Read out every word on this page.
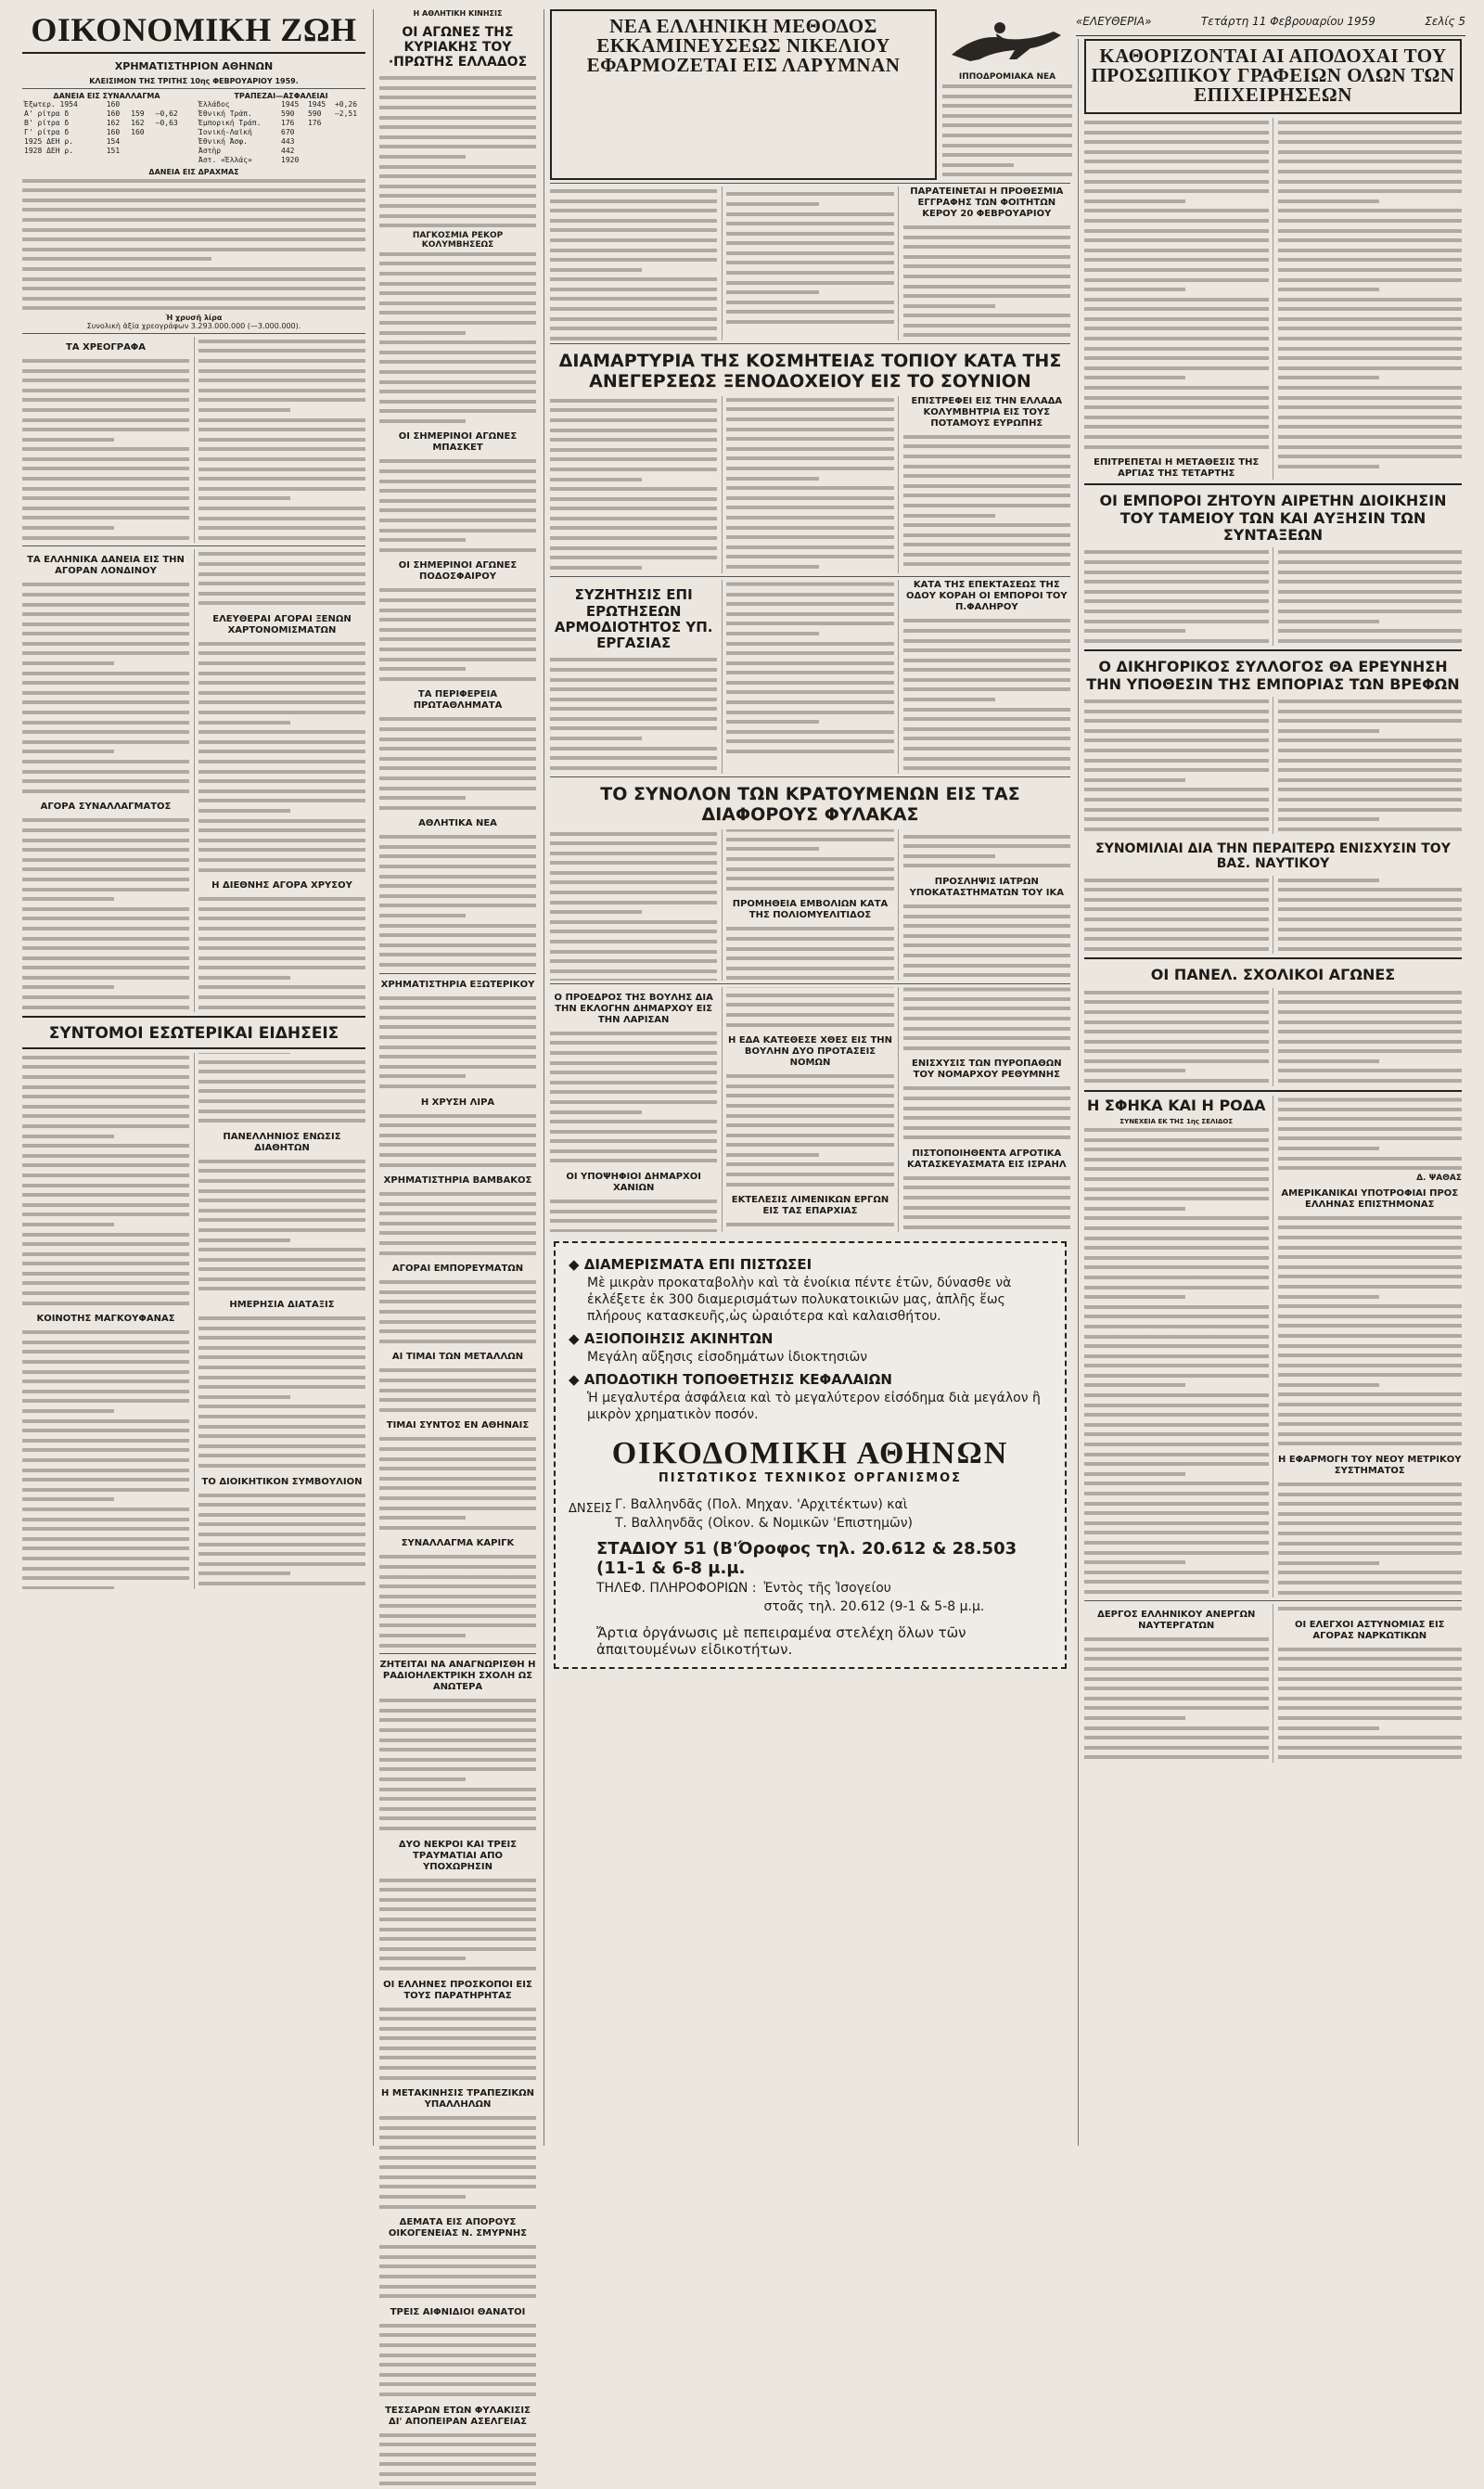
«ΕΛΕΥΘΕΡΙΑ»	Τετάρτη 11 Φεβρουαρίου 1959	Σελίς 5
ΟΙΚΟΝΟΜΙΚΗ ΖΩΗ
ΧΡΗΜΑΤΙΣΤΗΡΙΟΝ ΑΘΗΝΩΝ
ΚΛΕΙΣΙΜΟΝ ΤΗΣ ΤΡΙΤΗΣ 10ης ΦΕΒΡΟΥΑΡΙΟΥ 1959.
ΔΑΝΕΙΑ ΕΙΣ ΣΥΝΑΛΛΑΓΜΑ
Ἐξωτερ. 1954	160		
Α' ρίτρα δ	160	159	—0,62
Β' ρίτρα δ	162	162	—0,63
Γ' ρίτρα δ	160	160	
1925 ΔΕΗ ρ.	154		
1928 ΔΕΗ ρ.	151		
ΤΡΑΠΕΖΑΙ—ΑΣΦΑΛΕΙΑΙ
Ἑλλάδος	1945	1945	+0,26
Ἐθνική Τράπ.	590	590	—2,51
Ἐμπορική Τράπ.	176	176	
Ἰονική-Λαϊκή	670		
Ἐθνική Ἀσφ.	443		
Ἀστὴρ	442		
Ἀστ. «Ἑλλάς»	1920		
ΔΑΝΕΙΑ ΕΙΣ ΔΡΑΧΜΑΣ
Ἡ χρυσῆ λίρα
Συνολικὴ ἀξία χρεογράφων 3.293.000.000 (—3.000.000).
ΤΑ ΧΡΕΟΓΡΑΦΑ
ΤΑ ΕΛΛΗΝΙΚΑ ΔΑΝΕΙΑ ΕΙΣ ΤΗΝ ΑΓΟΡΑΝ ΛΟΝΔΙΝΟΥ
ΑΓΟΡΑ ΣΥΝΑΛΛΑΓΜΑΤΟΣ
ΕΛΕΥΘΕΡΑΙ ΑΓΟΡΑΙ ΞΕΝΩΝ ΧΑΡΤΟΝΟΜΙΣΜΑΤΩΝ
Η ΔΙΕΘΝΗΣ ΑΓΟΡΑ ΧΡΥΣΟΥ
ΣΥΝΤΟΜΟΙ ΕΣΩΤΕΡΙΚΑΙ ΕΙΔΗΣΕΙΣ
ΚΟΙΝΟΤΗΣ ΜΑΓΚΟΥΦΑΝΑΣ
ΠΑΝΕΛΛΗΝΙΟΣ ΕΝΩΣΙΣ ΔΙΑΘΗΤΩΝ
ΗΜΕΡΗΣΙΑ ΔΙΑΤΑΞΙΣ
ΤΟ ΔΙΟΙΚΗΤΙΚΟΝ ΣΥΜΒΟΥΛΙΟΝ
Η ΑΘΛΗΤΙΚΗ ΚΙΝΗΣΙΣ
ΟΙ ΑΓΩΝΕΣ ΤΗΣ ΚΥΡΙΑΚΗΣ ΤΟΥ ·ΠΡΩΤΗΣ ΕΛΛΑΔΟΣ
ΠΑΓΚΟΣΜΙΑ ΡΕΚΟΡ ΚΟΛΥΜΒΗΣΕΩΣ
ΟΙ ΣΗΜΕΡΙΝΟΙ ΑΓΩΝΕΣ ΜΠΑΣΚΕΤ
ΟΙ ΣΗΜΕΡΙΝΟΙ ΑΓΩΝΕΣ ΠΟΔΟΣΦΑΙΡΟΥ
ΤΑ ΠΕΡΙΦΕΡΕΙΑ ΠΡΩΤΑΘΛΗΜΑΤΑ
ΑΘΛΗΤΙΚΑ ΝΕΑ
ΧΡΗΜΑΤΙΣΤΗΡΙΑ ΕΞΩΤΕΡΙΚΟΥ
Η ΧΡΥΣΗ ΛΙΡΑ
ΧΡΗΜΑΤΙΣΤΗΡΙΑ ΒΑΜΒΑΚΟΣ
ΑΓΟΡΑΙ ΕΜΠΟΡΕΥΜΑΤΩΝ
ΑΙ ΤΙΜΑΙ ΤΩΝ ΜΕΤΑΛΛΩΝ
ΤΙΜΑΙ ΣΥΝΤΟΣ ΕΝ ΑΘΗΝΑΙΣ
ΣΥΝΑΛΛΑΓΜΑ ΚΑΡΙΓΚ
ΖΗΤΕΙΤΑΙ ΝΑ ΑΝΑΓΝΩΡΙΣΘΗ Η ΡΑΔΙΟΗΛΕΚΤΡΙΚΗ ΣΧΟΛΗ ΩΣ ΑΝΩΤΕΡΑ
ΔΥΟ ΝΕΚΡΟΙ ΚΑΙ ΤΡΕΙΣ ΤΡΑΥΜΑΤΙΑΙ ΑΠΟ ΥΠΟΧΩΡΗΣΙΝ
ΟΙ ΕΛΛΗΝΕΣ ΠΡΟΣΚΟΠΟΙ ΕΙΣ ΤΟΥΣ ΠΑΡΑΤΗΡΗΤΑΣ
Η ΜΕΤΑΚΙΝΗΣΙΣ ΤΡΑΠΕΖΙΚΩΝ ΥΠΑΛΛΗΛΩΝ
ΔΕΜΑΤΑ ΕΙΣ ΑΠΟΡΟΥΣ ΟΙΚΟΓΕΝΕΙΑΣ Ν. ΣΜΥΡΝΗΣ
ΤΡΕΙΣ ΑΙΦΝΙΔΙΟΙ ΘΑΝΑΤΟΙ
ΤΕΣΣΑΡΩΝ ΕΤΩΝ ΦΥΛΑΚΙΣΙΣ ΔΙ' ΑΠΟΠΕΙΡΑΝ ΑΣΕΛΓΕΙΑΣ
ΝΕΑ ΕΛΛΗΝΙΚΗ ΜΕΘΟΔΟΣ ΕΚΚΑΜΙΝΕΥΣΕΩΣ ΝΙΚΕΛΙΟΥ ΕΦΑΡΜΟΖΕΤΑΙ ΕΙΣ ΛΑΡΥΜΝΑΝ
ΙΠΠΟΔΡΟΜΙΑΚΑ ΝΕΑ
ΠΑΡΑΤΕΙΝΕΤΑΙ Η ΠΡΟΘΕΣΜΙΑ ΕΓΓΡΑΦΗΣ ΤΩΝ ΦΟΙΤΗΤΩΝ ΚΕΡΟΥ 20 ΦΕΒΡΟΥΑΡΙΟΥ
ΔΙΑΜΑΡΤΥΡΙΑ ΤΗΣ ΚΟΣΜΗΤΕΙΑΣ ΤΟΠΙΟΥ ΚΑΤΑ ΤΗΣ ΑΝΕΓΕΡΣΕΩΣ ΞΕΝΟΔΟΧΕΙΟΥ ΕΙΣ ΤΟ ΣΟΥΝΙΟΝ
ΕΠΙΣΤΡΕΦΕΙ ΕΙΣ ΤΗΝ ΕΛΛΑΔΑ ΚΟΛΥΜΒΗΤΡΙΑ ΕΙΣ ΤΟΥΣ ΠΟΤΑΜΟΥΣ ΕΥΡΩΠΗΣ
ΣΥΖΗΤΗΣΙΣ ΕΠΙ ΕΡΩΤΗΣΕΩΝ ΑΡΜΟΔΙΟΤΗΤΟΣ ΥΠ. ΕΡΓΑΣΙΑΣ
ΚΑΤΑ ΤΗΣ ΕΠΕΚΤΑΣΕΩΣ ΤΗΣ ΟΔΟΥ ΚΟΡΑΗ ΟΙ ΕΜΠΟΡΟΙ ΤΟΥ Π.ΦΑΛΗΡΟΥ
ΤΟ ΣΥΝΟΛΟΝ ΤΩΝ ΚΡΑΤΟΥΜΕΝΩΝ ΕΙΣ ΤΑΣ ΔΙΑΦΟΡΟΥΣ ΦΥΛΑΚΑΣ
ΠΡΟΜΗΘΕΙΑ ΕΜΒΟΛΙΩΝ ΚΑΤΑ ΤΗΣ ΠΟΛΙΟΜΥΕΛΙΤΙΔΟΣ
ΠΡΟΣΛΗΨΙΣ ΙΑΤΡΩΝ ΥΠΟΚΑΤΑΣΤΗΜΑΤΩΝ ΤΟΥ ΙΚΑ
Ο ΠΡΟΕΔΡΟΣ ΤΗΣ ΒΟΥΛΗΣ ΔΙΑ ΤΗΝ ΕΚΛΟΓΗΝ ΔΗΜΑΡΧΟΥ ΕΙΣ ΤΗΝ ΛΑΡΙΣΑΝ
ΟΙ ΥΠΟΨΗΦΙΟΙ ΔΗΜΑΡΧΟΙ ΧΑΝΙΩΝ
Η ΕΔΑ ΚΑΤΕΘΕΣΕ ΧΘΕΣ ΕΙΣ ΤΗΝ ΒΟΥΛΗΝ ΔΥΟ ΠΡΟΤΑΣΕΙΣ ΝΟΜΩΝ
ΕΚΤΕΛΕΣΙΣ ΛΙΜΕΝΙΚΩΝ ΕΡΓΩΝ ΕΙΣ ΤΑΣ ΕΠΑΡΧΙΑΣ
ΕΝΙΣΧΥΣΙΣ ΤΩΝ ΠΥΡΟΠΑΘΩΝ ΤΟΥ ΝΟΜΑΡΧΟΥ ΡΕΘΥΜΝΗΣ
ΠΙΣΤΟΠΟΙΗΘΕΝΤΑ ΑΓΡΟΤΙΚΑ ΚΑΤΑΣΚΕΥΑΣΜΑΤΑ ΕΙΣ ΙΣΡΑΗΛ
◆ ΔΙΑΜΕΡΙΣΜΑΤΑ ΕΠΙ ΠΙΣΤΩΣΕΙ
Μὲ μικρὰν προκαταβολὴν καὶ τὰ ἐνοίκια πέντε ἐτῶν, δύνασθε νὰ ἐκλέξετε ἐκ 300 διαμερισμάτων πολυκατοικιῶν μας, ἁπλῆς ἕως πλήρους κατασκευῆς,ὡς ὡραιότερα καὶ καλαισθήτου.
◆ ΑΞΙΟΠΟΙΗΣΙΣ ΑΚΙΝΗΤΩΝ
Μεγάλη αὔξησις εἰσοδημάτων ἰδιοκτησιῶν
◆ ΑΠΟΔΟΤΙΚΗ ΤΟΠΟΘΕΤΗΣΙΣ ΚΕΦΑΛΑΙΩΝ
Ἡ μεγαλυτέρα ἀσφάλεια καὶ τὸ μεγαλύτερον εἰσόδημα διὰ μεγάλον ἢ μικρὸν χρηματικὸν ποσόν.
ΟΙΚΟΔΟΜΙΚΗ ΑΘΗΝΩΝ
ΠΙΣΤΩΤΙΚΟΣ ΤΕΧΝΙΚΟΣ ΟΡΓΑΝΙΣΜΟΣ
ΔΝΣΕΙΣ Γ. Βαλληνδᾶς (Πολ. Μηχαν. 'Αρχιτέκτων) καὶ
Τ. Βαλληνδᾶς (Οἰκον. & Νομικῶν 'Επιστημῶν)
ΣΤΑΔΙΟΥ 51 (Β'Όροφος τηλ. 20.612 & 28.503 (11-1 & 6-8 μ.μ.
ΤΗΛΕΦ. ΠΛΗΡΟΦΟΡΙΩΝ : Ἐντὸς τῆς Ἰσογείου
στοᾶς τηλ. 20.612 (9-1 & 5-8 μ.μ.
Ἄρτια ὀργάνωσις μὲ πεπειραμένα στελέχη ὅλων τῶν ἀπαιτουμένων εἰδικοτήτων.
ΚΑΘΟΡΙΖΟΝΤΑΙ ΑΙ ΑΠΟΔΟΧΑΙ ΤΟΥ ΠΡΟΣΩΠΙΚΟΥ ΓΡΑΦΕΙΩΝ ΟΛΩΝ ΤΩΝ ΕΠΙΧΕΙΡΗΣΕΩΝ
ΕΠΙΤΡΕΠΕΤΑΙ Η ΜΕΤΑΘΕΣΙΣ ΤΗΣ ΑΡΓΙΑΣ ΤΗΣ ΤΕΤΑΡΤΗΣ
ΟΙ ΕΜΠΟΡΟΙ ΖΗΤΟΥΝ ΑΙΡΕΤΗΝ ΔΙΟΙΚΗΣΙΝ ΤΟΥ ΤΑΜΕΙΟΥ ΤΩΝ ΚΑΙ ΑΥΞΗΣΙΝ ΤΩΝ ΣΥΝΤΑΞΕΩΝ
Ο ΔΙΚΗΓΟΡΙΚΟΣ ΣΥΛΛΟΓΟΣ ΘΑ ΕΡΕΥΝΗΣΗ ΤΗΝ ΥΠΟΘΕΣΙΝ ΤΗΣ ΕΜΠΟΡΙΑΣ ΤΩΝ ΒΡΕΦΩΝ
ΣΥΝΟΜΙΛΙΑΙ ΔΙΑ ΤΗΝ ΠΕΡΑΙΤΕΡΩ ΕΝΙΣΧΥΣΙΝ ΤΟΥ ΒΑΣ. ΝΑΥΤΙΚΟΥ
ΟΙ ΠΑΝΕΛ. ΣΧΟΛΙΚΟΙ ΑΓΩΝΕΣ
Η ΣΦΗΚΑ ΚΑΙ Η ΡΟΔΑ
ΣΥΝΕΧΕΙΑ ΕΚ ΤΗΣ 1ης ΣΕΛΙΔΟΣ
Δ. ΨΑΘΑΣ
ΑΜΕΡΙΚΑΝΙΚΑΙ ΥΠΟΤΡΟΦΙΑΙ ΠΡΟΣ ΕΛΛΗΝΑΣ ΕΠΙΣΤΗΜΟΝΑΣ
Η ΕΦΑΡΜΟΓΗ ΤΟΥ ΝΕΟΥ ΜΕΤΡΙΚΟΥ ΣΥΣΤΗΜΑΤΟΣ
ΔΕΡΓΟΣ ΕΛΛΗΝΙΚΟΥ ΑΝΕΡΓΩΝ ΝΑΥΤΕΡΓΑΤΩΝ	ΟΙ ΕΛΕΓΧΟΙ ΑΣΤΥΝΟΜΙΑΣ ΕΙΣ ΑΓΟΡΑΣ ΝΑΡΚΩΤΙΚΩΝ
